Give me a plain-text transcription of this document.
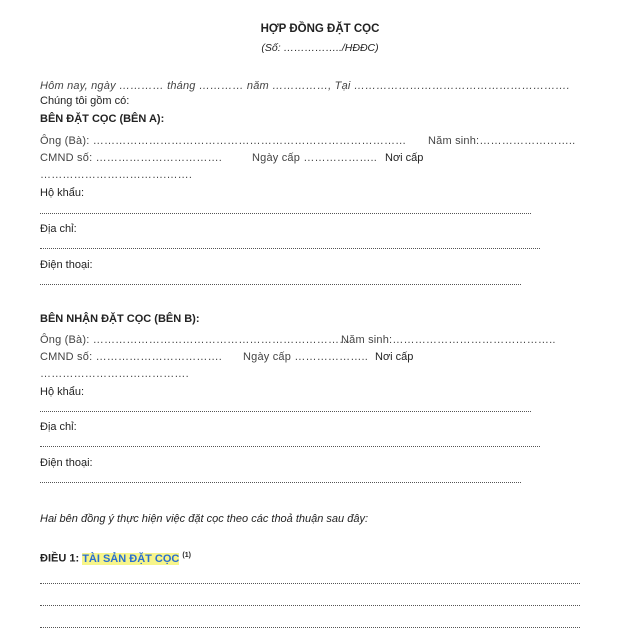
HỢP ĐỒNG ĐẶT CỌC
(Số: ……………../HĐĐC)
Hôm nay, ngày ………… tháng ………… năm ……………, Tại ………………………………………………….
Chúng tôi gồm có:
BÊN ĐẶT CỌC (BÊN A):
Ông (Bà): ………………………………………………………………………… Năm sinh:……………………..
CMND số: …………………………….	Ngày cấp ……………….. Nơi cấp
…………………………….…….
Hộ khẩu:
Địa chỉ:
Điện thoại:
BÊN NHẬN ĐẶT CỌC (BÊN B):
Ông (Bà): ……………………………………………………………
Năm sinh:……………………………………..
CMND số: ……………………………. Ngày cấp ……………….. Nơi cấp
………………………………….
Hộ khẩu:
Địa chỉ:
Điện thoại:
Hai bên đồng ý thực hiện việc đặt cọc theo các thoả thuận sau đây:
ĐIỀU 1: TÀI SẢN ĐẶT CỌC $^{(1)}$
